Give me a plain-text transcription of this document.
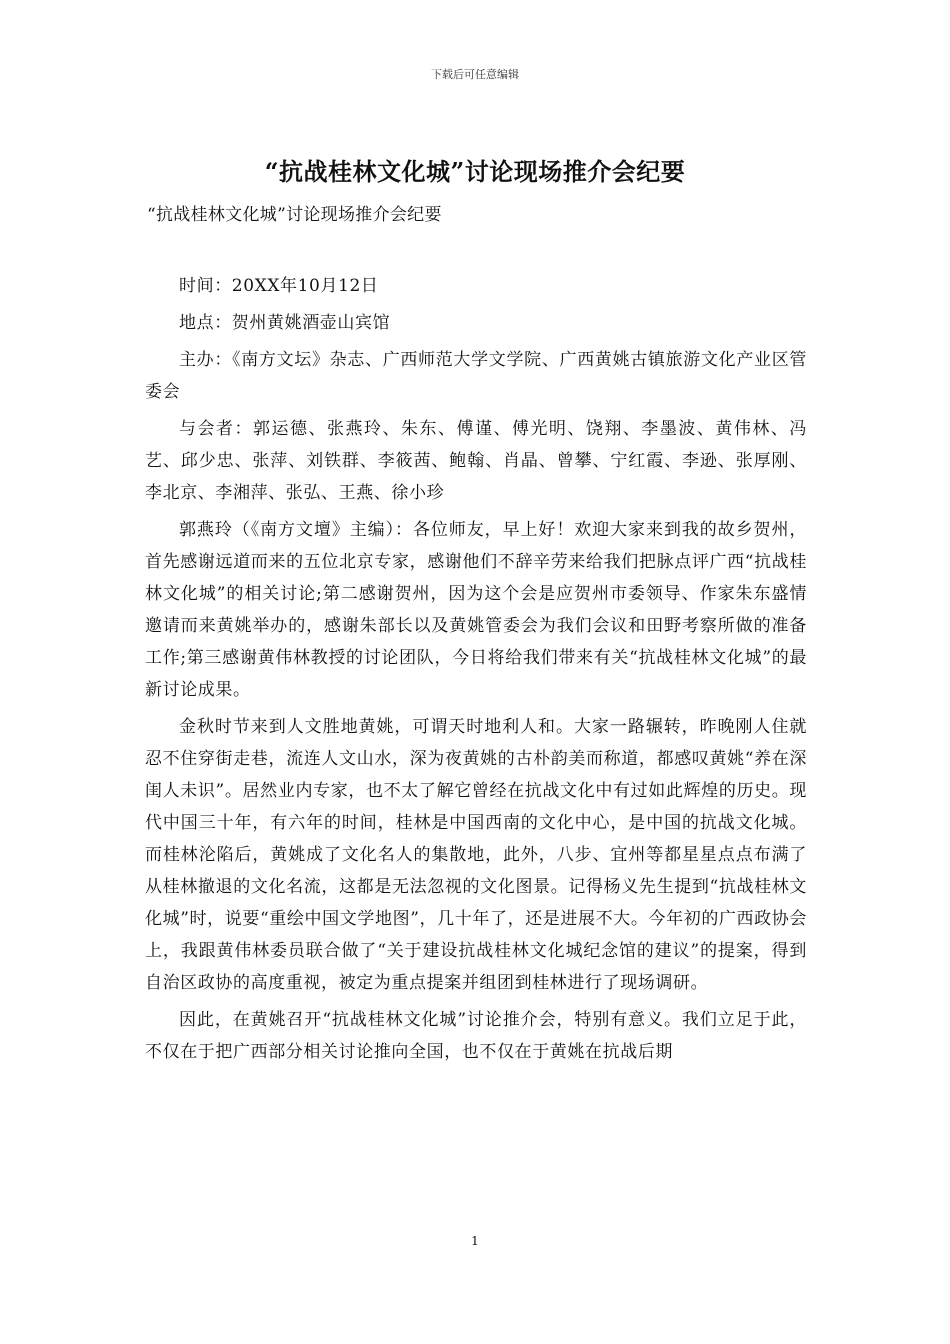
下载后可任意编辑
“抗战桂林文化城”讨论现场推介会纪要
“抗战桂林文化城”讨论现场推介会纪要

时间：20XX年10月12日

地点：贺州黄姚酒壶山宾馆

主办：《南方文坛》杂志、广西师范大学文学院、广西黄姚古镇旅游文化产业区管委会

与会者：郭运德、张燕玲、朱东、傅谨、傅光明、饶翔、李墨波、黄伟林、冯艺、邱少忠、张萍、刘铁群、李筱茜、鲍翰、肖晶、曾攀、宁红霞、李逊、张厚刚、李北京、李湘萍、张弘、王燕、徐小珍

郭燕玲（《南方文壇》主编）：各位师友，早上好！欢迎大家来到我的故乡贺州，首先感谢远道而来的五位北京专家，感谢他们不辞辛劳来给我们把脉点评广西“抗战桂林文化城”的相关讨论;第二感谢贺州，因为这个会是应贺州市委领导、作家朱东盛情邀请而来黄姚举办的，感谢朱部长以及黄姚管委会为我们会议和田野考察所做的准备工作;第三感谢黄伟林教授的讨论团队，今日将给我们带来有关“抗战桂林文化城”的最新讨论成果。

金秋时节来到人文胜地黄姚，可谓天时地利人和。大家一路辗转，昨晚刚人住就忍不住穿街走巷，流连人文山水，深为夜黄姚的古朴韵美而称道，都感叹黄姚“养在深闺人未识”。居然业内专家，也不太了解它曾经在抗战文化中有过如此辉煌的历史。现代中国三十年，有六年的时间，桂林是中国西南的文化中心，是中国的抗战文化城。而桂林沦陷后，黄姚成了文化名人的集散地，此外，八步、宜州等都星星点点布满了从桂林撤退的文化名流，这都是无法忽视的文化图景。记得杨义先生提到“抗战桂林文化城”时，说要“重绘中国文学地图”，几十年了，还是进展不大。今年初的广西政协会上，我跟黄伟林委员联合做了“关于建设抗战桂林文化城纪念馆的建议”的提案，得到自治区政协的高度重视，被定为重点提案并组团到桂林进行了现场调研。

因此，在黄姚召开“抗战桂林文化城”讨论推介会，特别有意义。我们立足于此，不仅在于把广西部分相关讨论推向全国，也不仅在于黄姚在抗战后期

1
